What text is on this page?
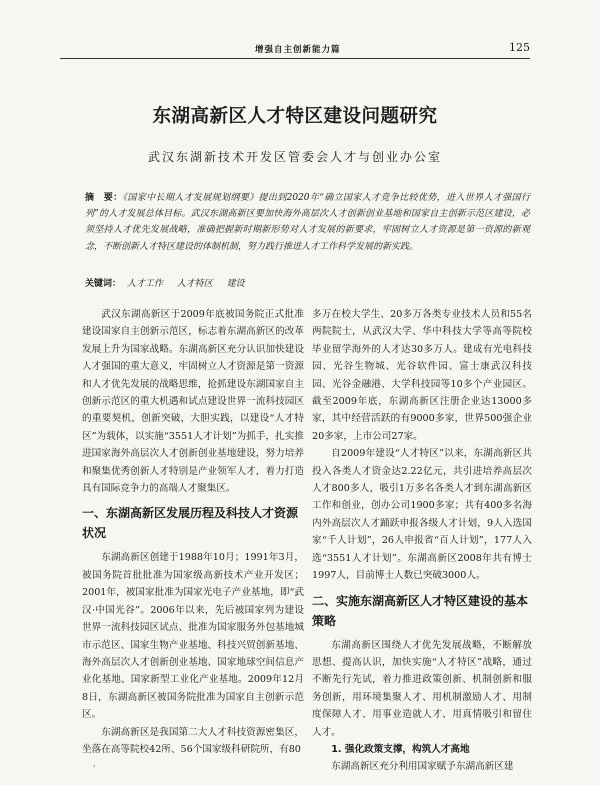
增强自主创新能力篇	125
东湖高新区人才特区建设问题研究
武汉东湖新技术开发区管委会人才与创业办公室
摘　要：《国家中长期人才发展规划纲要》提出到2020年“确立国家人才竞争比较优势，进入世界人才强国行列”的人才发展总体目标。武汉东湖高新区要加快海外高层次人才创新创业基地和国家自主创新示范区建设，必须坚持人才优先发展战略，准确把握新时期新形势对人才发展的新要求，牢固树立人才资源是第一资源的新观念，不断创新人才特区建设的体制机制，努力践行推进人才工作科学发展的新实践。
关键词： 人才工作 人才特区 建设

武汉东湖高新区于2009年底被国务院正式批准建设国家自主创新示范区，标志着东湖高新区的改革发展上升为国家战略。东湖高新区充分认识加快建设人才强国的重大意义，牢固树立人才资源是第一资源和人才优先发展的战略思维，抢抓建设东湖国家自主创新示范区的重大机遇和试点建设世界一流科技园区的重要契机，创新突破，大胆实践，以建设“人才特区”为载体，以实施“3551人才计划”为抓手，扎实推进国家海外高层次人才创新创业基地建设，努力培养和聚集优秀创新人才特别是产业领军人才，着力打造具有国际竞争力的高端人才聚集区。

一、东湖高新区发展历程及科技人才资源状况

东湖高新区创建于1988年10月；1991年3月，被国务院首批批准为国家级高新技术产业开发区；2001年，被国家批准为国家光电子产业基地，即“武汉·中国光谷”。2006年以来，先后被国家列为建设世界一流科技园区试点、批准为国家服务外包基地城市示范区、国家生物产业基地、科技兴贸创新基地、海外高层次人才创新创业基地、国家地球空间信息产业化基地、国家新型工业化产业基地。2009年12月8日，东湖高新区被国务院批准为国家自主创新示范区。

东湖高新区是我国第二大人才科技资源密集区，坐落在高等院校42所、56个国家级科研院所，有80

多万在校大学生、20多万各类专业技术人员和55名两院院士，从武汉大学、华中科技大学等高等院校毕业留学海外的人才达30多万人。建成有光电科技园、光谷生物城、光谷软件园、富士康武汉科技园、光谷金融港、大学科技园等10多个产业园区。截至2009年底，东湖高新区注册企业达13000多家，其中经营活跃的有9000多家，世界500强企业20多家，上市公司27家。

自2009年建设“人才特区”以来，东湖高新区共投入各类人才资金达2.22亿元，共引进培养高层次人才800多人，吸引1万多名各类人才到东湖高新区工作和创业，创办公司1900多家；共有400多名海内外高层次人才踊跃申报各级人才计划，9人入选国家“千人计划”，26人申报省“百人计划”，177人入选“3551人才计划”。东湖高新区2008年共有博士1997人，目前博士人数已突破3000人。

二、实施东湖高新区人才特区建设的基本策略

东湖高新区围绕人才优先发展战略，不断解放思想、提高认识，加快实施“人才特区”战略，通过不断先行先试，着力推进政策创新、机制创新和服务创新，用环境集聚人才、用机制激励人才、用制度保障人才、用事业造就人才、用真情吸引和留住人才。

1. 强化政策支撑，构筑人才高地

东湖高新区充分利用国家赋予东湖高新区建

·
